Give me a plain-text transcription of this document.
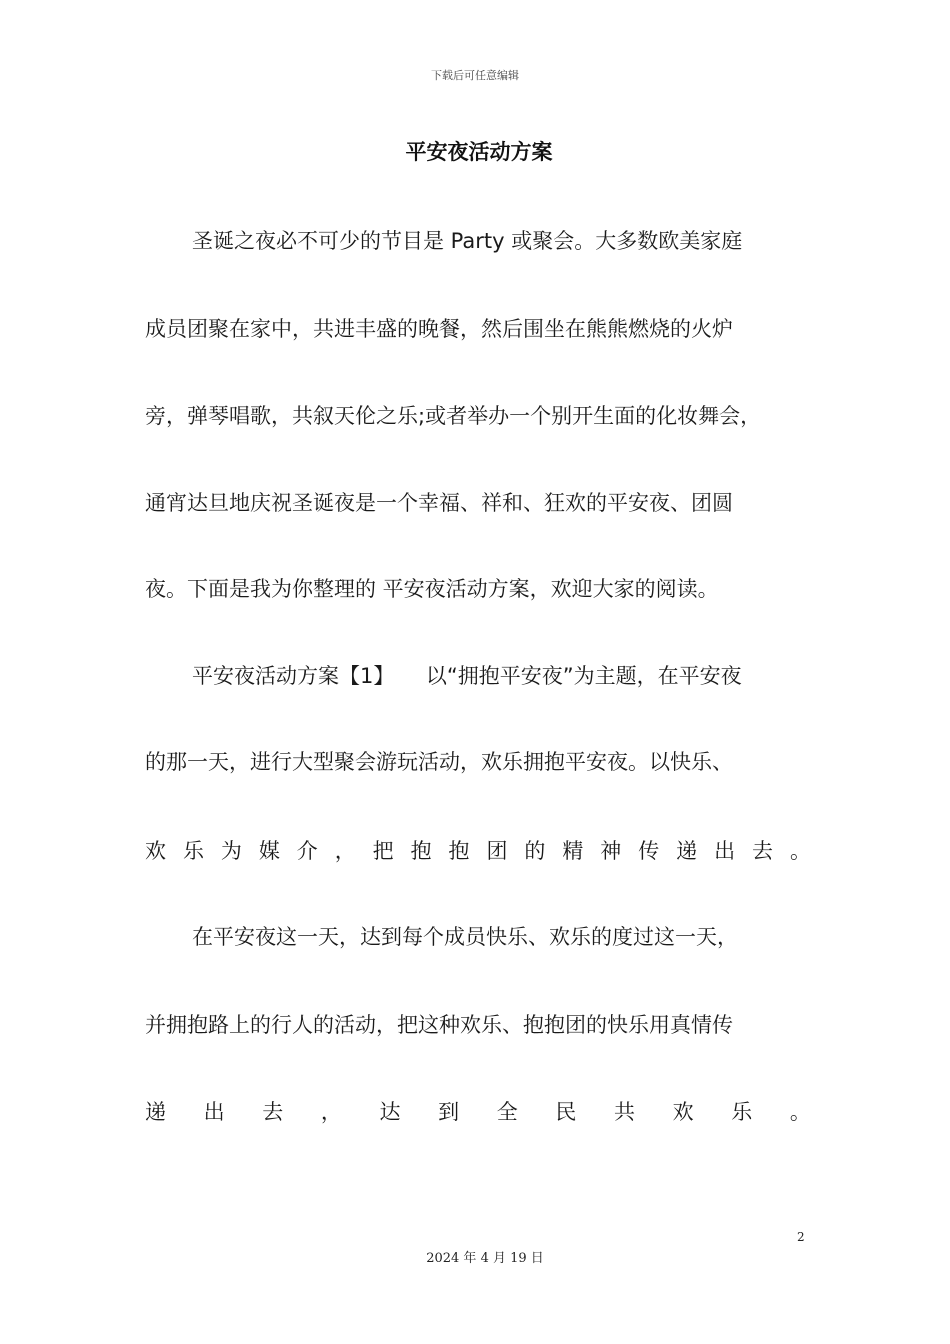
下载后可任意编辑
平安夜活动方案
圣诞之夜必不可少的节目是 Party 或聚会。大多数欧美家庭
成员团聚在家中，共进丰盛的晚餐，然后围坐在熊熊燃烧的火炉
旁，弹琴唱歌，共叙天伦之乐;或者举办一个别开生面的化妆舞会，
通宵达旦地庆祝圣诞夜是一个幸福、祥和、狂欢的平安夜、团圆
夜。下面是我为你整理的 平安夜活动方案，欢迎大家的阅读。
平安夜活动方案【1】　　以“拥抱平安夜”为主题，在平安夜
的那一天，进行大型聚会游玩活动，欢乐拥抱平安夜。以快乐、
欢 乐 为 媒 介 ， 把 抱 抱 团 的 精 神 传 递 出 去 。
在平安夜这一天，达到每个成员快乐、欢乐的度过这一天，
并拥抱路上的行人的活动，把这种欢乐、抱抱团的快乐用真情传
递 出 去 ， 达 到 全 民 共 欢 乐 。
2
2024 年 4 月 19 日
